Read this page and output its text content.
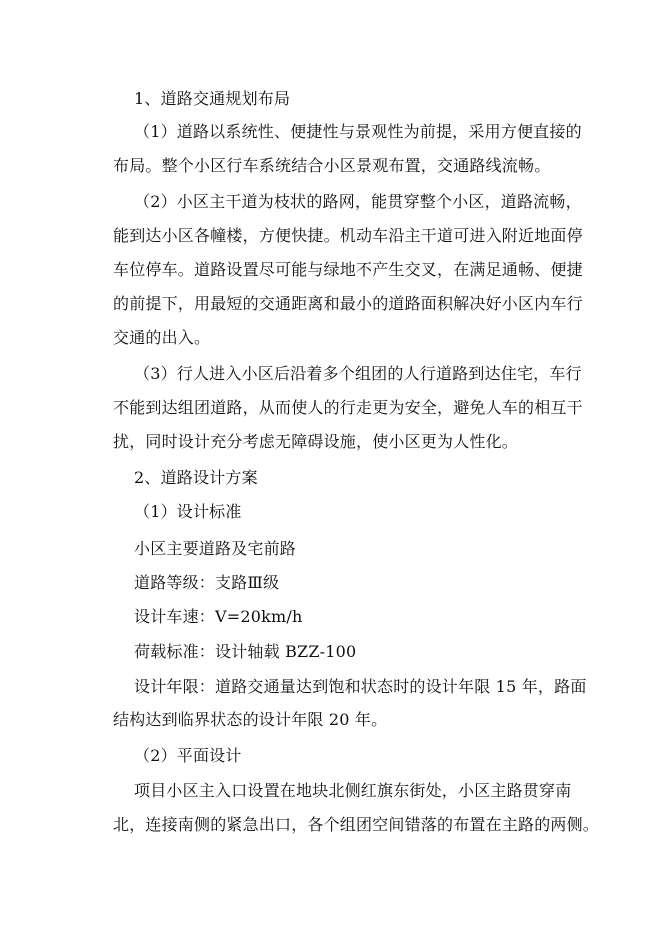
1、道路交通规划布局
（1）道路以系统性、便捷性与景观性为前提，采用方便直接的
布局。整个小区行车系统结合小区景观布置，交通路线流畅。
（2）小区主干道为枝状的路网，能贯穿整个小区，道路流畅，
能到达小区各幢楼，方便快捷。机动车沿主干道可进入附近地面停
车位停车。道路设置尽可能与绿地不产生交叉，在满足通畅、便捷
的前提下，用最短的交通距离和最小的道路面积解决好小区内车行
交通的出入。
（3）行人进入小区后沿着多个组团的人行道路到达住宅，车行
不能到达组团道路，从而使人的行走更为安全，避免人车的相互干
扰，同时设计充分考虑无障碍设施，使小区更为人性化。
2、道路设计方案
（1）设计标准
小区主要道路及宅前路
道路等级：支路Ⅲ级
设计车速：V=20km/h
荷载标准：设计轴载 BZZ-100
设计年限：道路交通量达到饱和状态时的设计年限 15 年，路面
结构达到临界状态的设计年限 20 年。
（2）平面设计
项目小区主入口设置在地块北侧红旗东街处，小区主路贯穿南
北，连接南侧的紧急出口，各个组团空间错落的布置在主路的两侧。
